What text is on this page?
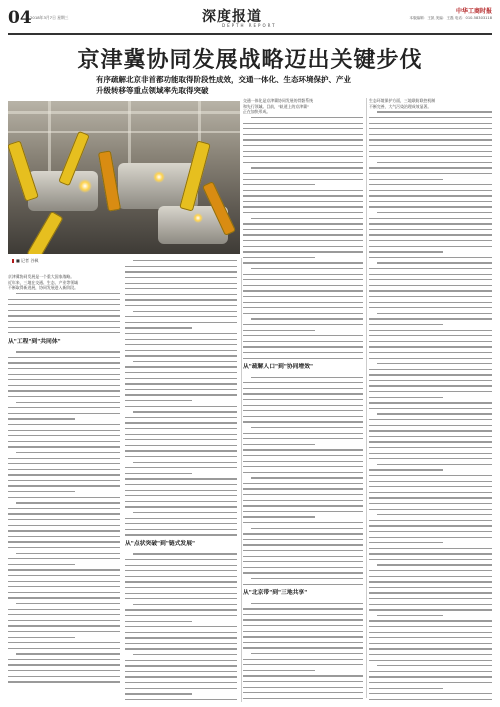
04
2018年3月7日 星期三	深度报道
DEPTH REPORT
中华工商时报
本版编辑：王凯 美编：王磊 电话：010-58303118
京津冀协同发展战略迈出关键步伐
有序疏解北京非首都功能取得阶段性成效，交通一体化、生态环境保护、产业
升级转移等重点领域率先取得突破
■ 记者 谷枫
京津冀协同发展是一个重大国家战略。
近年来，三地在交通、生态、产业等领域
不断取得新进展，协同发展进入新阶段。
从"工程"到"共同体"
从"点状突破"到"链式发展"
交通一体化是京津冀协同发展的骨骼系统
和先行领域。目前，"轨道上的京津冀"
正在加快形成。
从"疏解人口"到"协同增效"
从"北京带"到"三地共享"
生态环境保护方面，三地联防联控机制
不断完善，大气污染治理成效显著。
